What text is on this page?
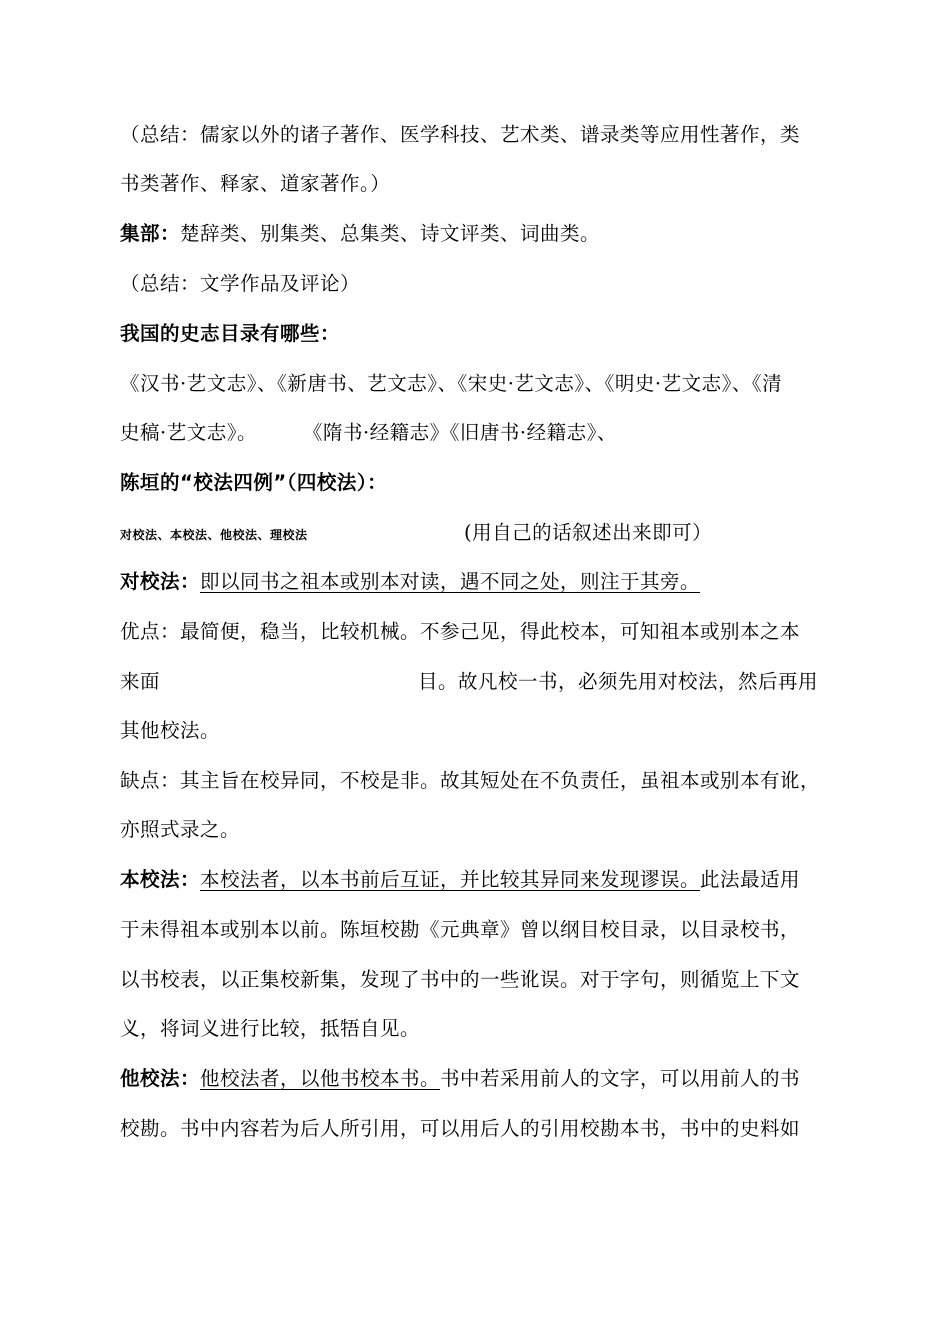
（总结：儒家以外的诸子著作、医学科技、艺术类、谱录类等应用性著作，类
书类著作、释家、道家著作。）
集部：楚辞类、别集类、总集类、诗文评类、词曲类。
（总结：文学作品及评论）
我国的史志目录有哪些：
《汉书·艺文志》、《新唐书、艺文志》、《宋史·艺文志》、《明史·艺文志》、《清
史稿·艺文志》。 《隋书·经籍志》《旧唐书·经籍志》、
陈垣的“校法四例”（四校法）：
对校法、本校法、他校法、理校法	(用自己的话叙述出来即可）
对校法：即以同书之祖本或别本对读，遇不同之处，则注于其旁。
优点：最简便，稳当，比较机械。不参己见，得此校本，可知祖本或别本之本
来面	目。故凡校一书，必须先用对校法，然后再用
其他校法。
缺点：其主旨在校异同，不校是非。故其短处在不负责任，虽祖本或别本有讹，
亦照式录之。
本校法：本校法者，以本书前后互证，并比较其异同来发现谬误。此法最适用
于未得祖本或别本以前。陈垣校勘《元典章》曾以纲目校目录，以目录校书，
以书校表，以正集校新集，发现了书中的一些讹误。对于字句，则循览上下文
义，将词义进行比较，抵牾自见。
他校法：他校法者，以他书校本书。书中若采用前人的文字，可以用前人的书
校勘。书中内容若为后人所引用，可以用后人的引用校勘本书，书中的史料如
